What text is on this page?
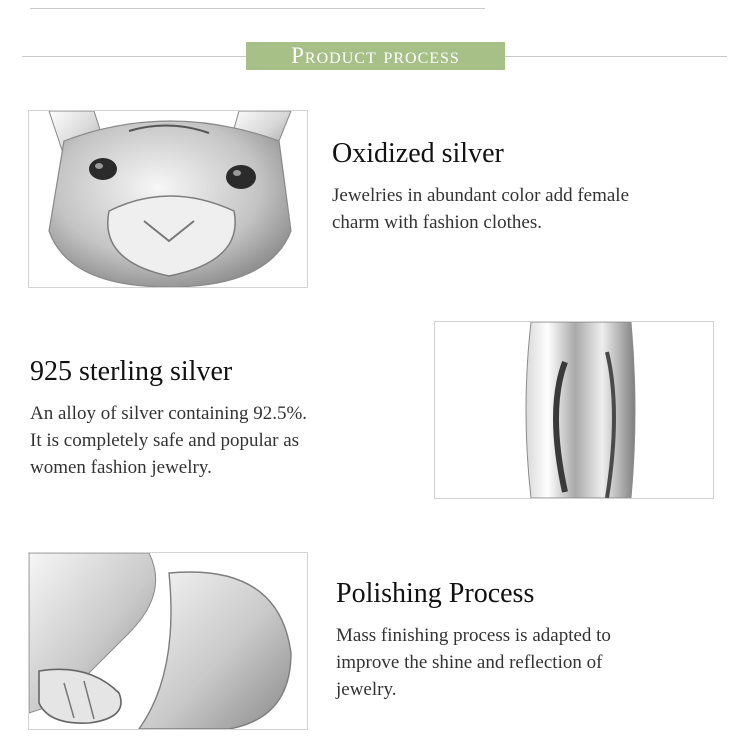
Product process
Oxidized silver
Jewelries in abundant color add female
charm with fashion clothes.
925 sterling silver
An alloy of silver containing 92.5%.
It is completely safe and popular as
women fashion jewelry.
Polishing Process
Mass finishing process is adapted to
improve the shine and reflection of
jewelry.
